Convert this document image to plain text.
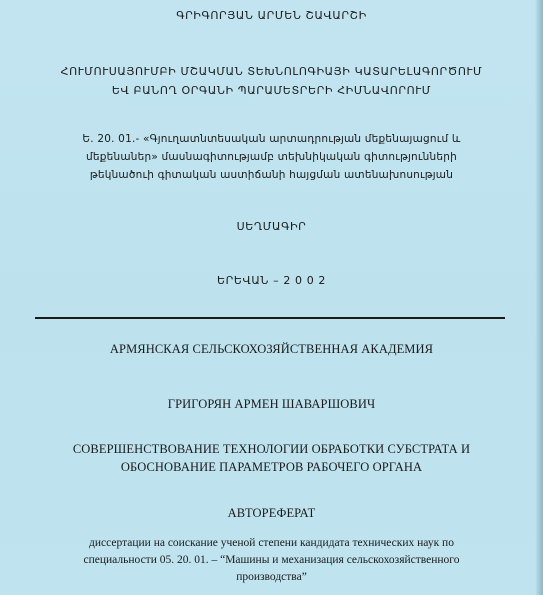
ԳՐԻԳՈՐՅԱՆ ԱՐՄԵՆ ՇԱՎԱՐՇԻ
ՀՈՒՄՈՒՍԱՅՈՒՄԲԻ ՄՇԱԿՄԱՆ ՏԵԽՆՈԼՈԳԻԱՅԻ ԿԱՏԱՐԵԼԱԳՈՐԾՈՒՄ
ԵՎ ԲԱՆՈՂ ՕՐԳԱՆԻ ՊԱՐԱՄԵՏՐԵՐԻ ՀԻՄՆԱՎՈՐՈՒՄ
Ե. 20. 01.- «Գյուղատնտեսական արտադրության մեքենայացում և
մեքենաներ» մասնագիտությամբ տեխնիկական գիտությունների
թեկնածուի գիտական աստիճանի հայցման ատենախոսության
ՍԵՂՄԱԳԻՐ
ԵՐԵՎԱՆ – 2 0 0 2
АРМЯНСКАЯ СЕЛЬСКОХОЗЯЙСТВЕННАЯ АКАДЕМИЯ
ГРИГОРЯН АРМЕН ШАВАРШОВИЧ
СОВЕРШЕНСТВОВАНИЕ ТЕХНОЛОГИИ ОБРАБОТКИ СУБСТРАТА И
ОБОСНОВАНИЕ ПАРАМЕТРОВ РАБОЧЕГО ОРГАНА
АВТОРЕФЕРАТ
диссертации на соискание ученой степени кандидата технических наук по
специальности 05. 20. 01. – “Машины и механизация сельскохозяйственного
производства”
